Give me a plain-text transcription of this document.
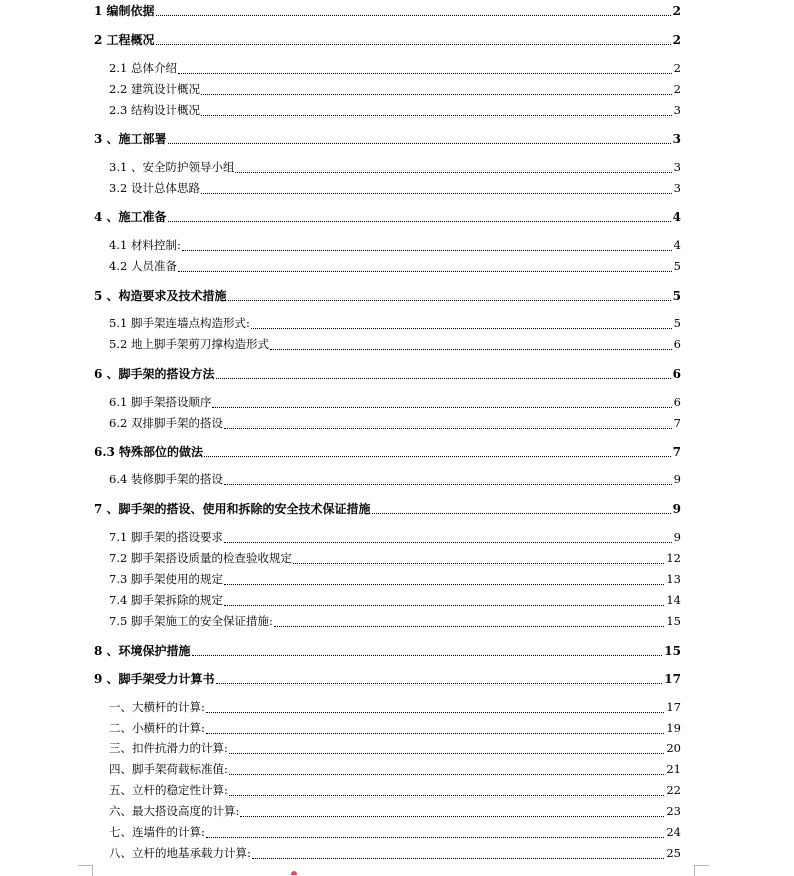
1 编制依据	2
2 工程概况	2
2.1 总体介绍	2
2.2 建筑设计概况	2
2.3 结构设计概况	3
3 、施工部署	3
3.1 、安全防护领导小组	3
3.2 设计总体思路	3
4 、施工准备	4
4.1 材料控制:	4
4.2 人员准备	5
5 、构造要求及技术措施	5
5.1 脚手架连墙点构造形式:	5
5.2 地上脚手架剪刀撑构造形式	6
6 、脚手架的搭设方法	6
6.1 脚手架搭设顺序	6
6.2 双排脚手架的搭设	7
6.3 特殊部位的做法	7
6.4 装修脚手架的搭设	9
7 、脚手架的搭设、使用和拆除的安全技术保证措施	9
7.1 脚手架的搭设要求	9
7.2 脚手架搭设质量的检查验收规定	12
7.3 脚手架使用的规定	13
7.4 脚手架拆除的规定	14
7.5 脚手架施工的安全保证措施:	15
8 、环境保护措施	15
9 、脚手架受力计算书	17
一、大横杆的计算:	17
二、小横杆的计算:	19
三、扣件抗滑力的计算:	20
四、脚手架荷载标准值:	21
五、立杆的稳定性计算:	22
六、最大搭设高度的计算:	23
七、连墙件的计算:	24
八、立杆的地基承载力计算:	25
